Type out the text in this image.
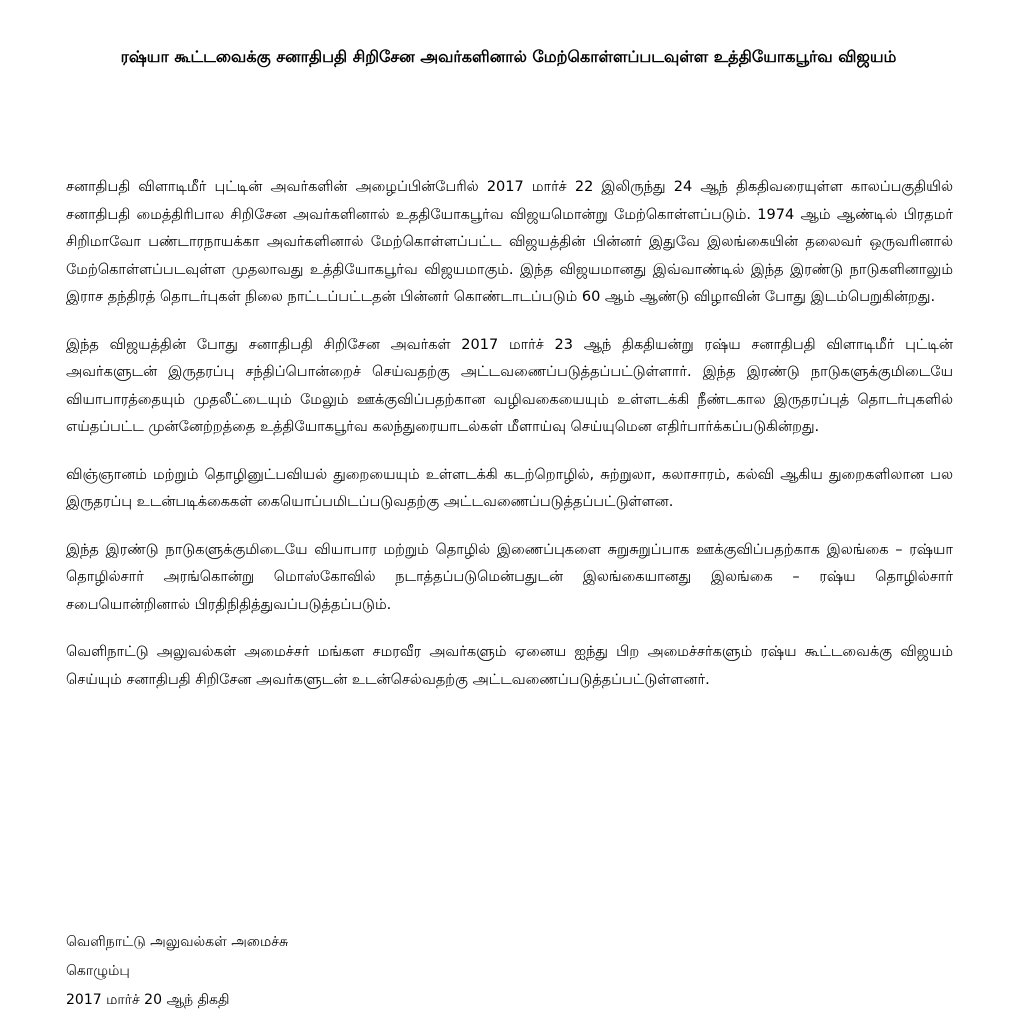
ரஷ்யா கூட்டவைக்கு சனாதிபதி சிறிசேன அவர்களினால் மேற்கொள்ளப்படவுள்ள உத்தியோகபூர்வ விஜயம்

சனாதிபதி விளாடிமீர் புட்டின் அவர்களின் அழைப்பின்பேரில் 2017 மார்ச் 22 இலிருந்து 24 ஆந் திகதிவரையுள்ள காலப்பகுதியில் சனாதிபதி மைத்திரிபால சிறிசேன அவர்களினால் உததியோகபூர்வ விஜயமொன்று மேற்கொள்ளப்படும். 1974 ஆம் ஆண்டில் பிரதமர் சிறிமாவோ பண்டாரநாயக்கா அவர்களினால் மேற்கொள்ளப்பட்ட விஜயத்தின் பின்னர் இதுவே இலங்கையின் தலைவர் ஒருவரினால் மேற்கொள்ளப்படவுள்ள முதலாவது உத்தியோகபூர்வ விஜயமாகும். இந்த விஜயமானது இவ்வாண்டில் இந்த இரண்டு நாடுகளினாலும் இராச தந்திரத் தொடர்புகள் நிலை நாட்டப்பட்டதன் பின்னர் கொண்டாடப்படும் 60 ஆம் ஆண்டு விழாவின் போது இடம்பெறுகின்றது.

இந்த விஜயத்தின் போது சனாதிபதி சிறிசேன அவர்கள் 2017 மார்ச் 23 ஆந் திகதியன்று ரஷ்ய சனாதிபதி விளாடிமீர் புட்டின் அவர்களுடன் இருதரப்பு சந்திப்பொன்றைச் செய்வதற்கு அட்டவணைப்படுத்தப்பட்டுள்ளார். இந்த இரண்டு நாடுகளுக்குமிடையே வியாபாரத்தையும் முதலீட்டையும் மேலும் ஊக்குவிப்பதற்கான வழிவகையையும் உள்ளடக்கி நீண்டகால இருதரப்புத் தொடர்புகளில் எய்தப்பட்ட முன்னேற்றத்தை உத்தியோகபூர்வ கலந்துரையாடல்கள் மீளாய்வு செய்யுமென எதிர்பார்க்கப்படுகின்றது.

விஞ்ஞானம் மற்றும் தொழினுட்பவியல் துறையையும் உள்ளடக்கி கடற்றொழில், சுற்றுலா, கலாசாரம், கல்வி ஆகிய துறைகளிலான பல இருதரப்பு உடன்படிக்கைகள் கையொப்பமிடப்படுவதற்கு அட்டவணைப்படுத்தப்பட்டுள்ளன.

இந்த இரண்டு நாடுகளுக்குமிடையே வியாபார மற்றும் தொழில் இணைப்புகளை சுறுசுறுப்பாக ஊக்குவிப்பதற்காக இலங்கை – ரஷ்யா தொழில்சார் அரங்கொன்று மொஸ்கோவில் நடாத்தப்படுமென்பதுடன் இலங்கையானது இலங்கை – ரஷ்ய தொழில்சார் சபையொன்றினால் பிரதிநிதித்துவப்படுத்தப்படும்.

வெளிநாட்டு அலுவல்கள் அமைச்சர் மங்கள சமரவீர அவர்களும் ஏனைய ஐந்து பிற அமைச்சர்களும் ரஷ்ய கூட்டவைக்கு விஜயம் செய்யும் சனாதிபதி சிறிசேன அவர்களுடன் உடன்செல்வதற்கு அட்டவணைப்படுத்தப்பட்டுள்ளனர்.

வெளிநாட்டு அலுவல்கள் அமைச்சு
கொழும்பு
2017 மார்ச் 20 ஆந் திகதி
